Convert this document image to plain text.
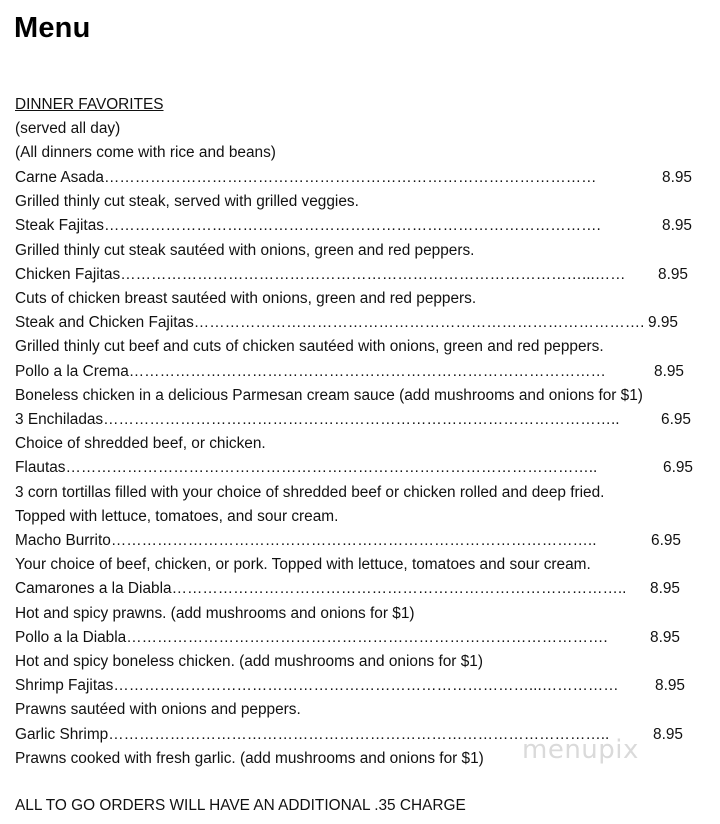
Menu
DINNER FAVORITES
(served all day)
(All dinners come with rice and beans)
Carne Asada ……………………………………………………………………………………	8.95
Grilled thinly cut steak, served with grilled veggies.
Steak Fajitas …………………………………………………………………………………….	8.95
Grilled thinly cut steak sautéed with onions, green and red peppers.
Chicken Fajitas ………………………………………………………………………………...……	8.95
Cuts of chicken breast sautéed with onions, green and red peppers.
Steak and Chicken Fajitas ……………………………………………………………………………. 9.95
Grilled thinly cut beef and cuts of chicken sautéed with onions, green and red peppers.
Pollo a la Crema …………………………………………………………………………………	8.95
Boneless chicken in a delicious Parmesan cream sauce (add mushrooms and onions for $1)
3 Enchiladas ………………………………………………………………………………………..	6.95
Choice of shredded beef, or chicken.
Flautas …………………………………………………………………………………………..	6.95
3 corn tortillas filled with your choice of shredded beef or chicken rolled and deep fried.
Topped with lettuce, tomatoes, and sour cream.
Macho Burrito …………………………………………………………………………………..	6.95
Your choice of beef, chicken, or pork. Topped with lettuce, tomatoes and sour cream.
Camarones a la Diabla ……………………………………………………………………………..	8.95
Hot and spicy prawns. (add mushrooms and onions for $1)
Pollo a la Diabla ………………………………………………………………………………….	8.95
Hot and spicy boneless chicken. (add mushrooms and onions for $1)
Shrimp Fajitas ………………………………………………………………………...……………	8.95
Prawns sautéed with onions and peppers.
Garlic Shrimp ……………………………………………………………………………………..	8.95
Prawns cooked with fresh garlic. (add mushrooms and onions for $1)
ALL TO GO ORDERS WILL HAVE AN ADDITIONAL .35 CHARGE
menupix
